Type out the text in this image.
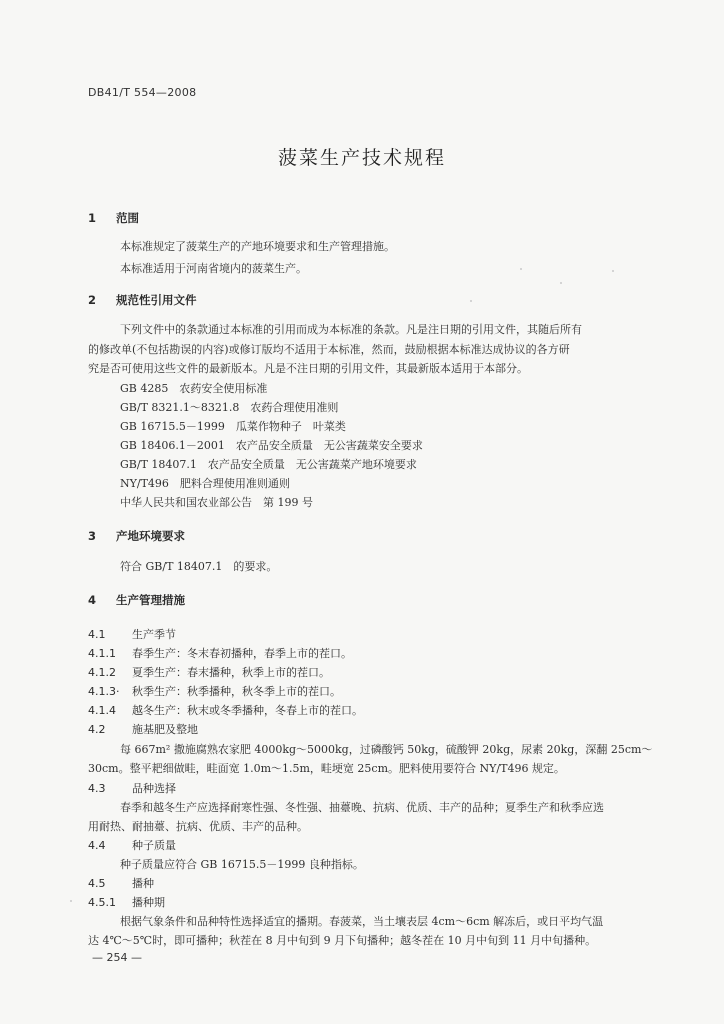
DB41/T 554—2008
菠菜生产技术规程
1 范围
本标准规定了菠菜生产的产地环境要求和生产管理措施。
本标准适用于河南省境内的菠菜生产。
2 规范性引用文件
下列文件中的条款通过本标准的引用而成为本标准的条款。凡是注日期的引用文件，其随后所有
的修改单(不包括勘误的内容)或修订版均不适用于本标准，然而，鼓励根据本标准达成协议的各方研
究是否可使用这些文件的最新版本。凡是不注日期的引用文件，其最新版本适用于本部分。
GB 4285　农药安全使用标准
GB/T 8321.1～8321.8　农药合理使用准则
GB 16715.5－1999　瓜菜作物种子　叶菜类
GB 18406.1－2001　农产品安全质量　无公害蔬菜安全要求
GB/T 18407.1　农产品安全质量　无公害蔬菜产地环境要求
NY/T496　肥料合理使用准则通则
中华人民共和国农业部公告　第 199 号
3 产地环境要求
符合 GB/T 18407.1　的要求。
4 生产管理措施
4.1 生产季节
4.1.1 春季生产：冬末春初播种，春季上市的茬口。
4.1.2 夏季生产：春末播种，秋季上市的茬口。
4.1.3· 秋季生产：秋季播种，秋冬季上市的茬口。
4.1.4 越冬生产：秋末或冬季播种，冬春上市的茬口。
4.2 施基肥及整地
每 667m² 撒施腐熟农家肥 4000kg～5000kg，过磷酸钙 50kg，硫酸钾 20kg，尿素 20kg，深翻 25cm～
30cm。整平耙细做畦，畦面宽 1.0m～1.5m，畦埂宽 25cm。肥料使用要符合 NY/T496 规定。
4.3 品种选择
春季和越冬生产应选择耐寒性强、冬性强、抽薹晚、抗病、优质、丰产的品种；夏季生产和秋季应选
用耐热、耐抽薹、抗病、优质、丰产的品种。
4.4 种子质量
种子质量应符合 GB 16715.5－1999 良种指标。
4.5 播种
4.5.1 播种期
根据气象条件和品种特性选择适宜的播期。春菠菜，当土壤表层 4cm～6cm 解冻后，或日平均气温
达 4℃～5℃时，即可播种；秋茬在 8 月中旬到 9 月下旬播种；越冬茬在 10 月中旬到 11 月中旬播种。
— 254 —
